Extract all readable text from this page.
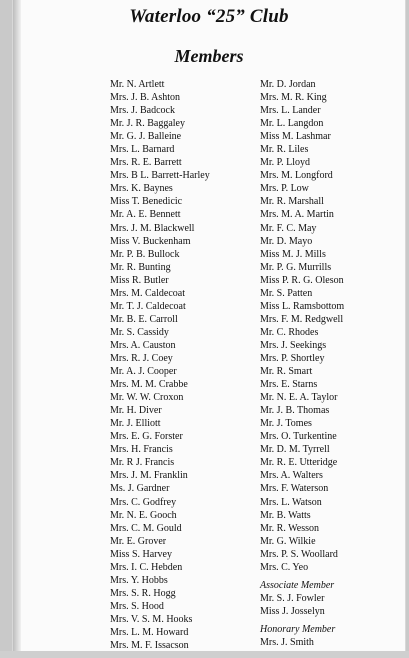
Waterloo “25” Club
Members
Mr. N. Artlett
Mrs. J. B. Ashton
Mrs. J. Badcock
Mr. J. R. Baggaley
Mr. G. J. Balleine
Mrs. L. Barnard
Mrs. R. E. Barrett
Mrs. B L. Barrett-Harley
Mrs. K. Baynes
Miss T. Benedicic
Mr. A. E. Bennett
Mrs. J. M. Blackwell
Miss V. Buckenham
Mr. P. B. Bullock
Mr. R. Bunting
Miss R. Butler
Mrs. M. Caldecoat
Mr. T. J. Caldecoat
Mr. B. E. Carroll
Mr. S. Cassidy
Mrs. A. Causton
Mrs. R. J. Coey
Mr. A. J. Cooper
Mrs. M. M. Crabbe
Mr. W. W. Croxon
Mr. H. Diver
Mr. J. Elliott
Mrs. E. G. Forster
Mrs. H. Francis
Mr. R J. Francis
Mrs. J. M. Franklin
Ms. J. Gardner
Mrs. C. Godfrey
Mr. N. E. Gooch
Mrs. C. M. Gould
Mr. E. Grover
Miss S. Harvey
Mrs. I. C. Hebden
Mrs. Y. Hobbs
Mrs. S. R. Hogg
Mrs. S. Hood
Mrs. V. S. M. Hooks
Mrs. L. M. Howard
Mrs. M. F. Issacson
Mr. D. Jordan
Mrs. M. R. King
Mrs. L. Lander
Mr. L. Langdon
Miss M. Lashmar
Mr. R. Liles
Mr. P. Lloyd
Mrs. M. Longford
Mrs. P. Low
Mr. R. Marshall
Mrs. M. A. Martin
Mr. F. C. May
Mr. D. Mayo
Miss M. J. Mills
Mr. P. G. Murrills
Miss P. R. G. Oleson
Mr. S. Patten
Miss L. Ramsbottom
Mrs. F. M. Redgwell
Mr. C. Rhodes
Mrs. J. Seekings
Mrs. P. Shortley
Mr. R. Smart
Mrs. E. Starns
Mr. N. E. A. Taylor
Mr. J. B. Thomas
Mr. J. Tomes
Mrs. O. Turkentine
Mr. D. M. Tyrrell
Mr. R. E. Utteridge
Mrs. A. Walters
Mrs. F. Waterson
Mrs. L. Watson
Mr. B. Watts
Mr. R. Wesson
Mr. G. Wilkie
Mrs. P. S. Woollard
Mrs. C. Yeo
Associate Member
Mr. S. J. Fowler
Miss J. Josselyn
Honorary Member
Mrs. J. Smith
